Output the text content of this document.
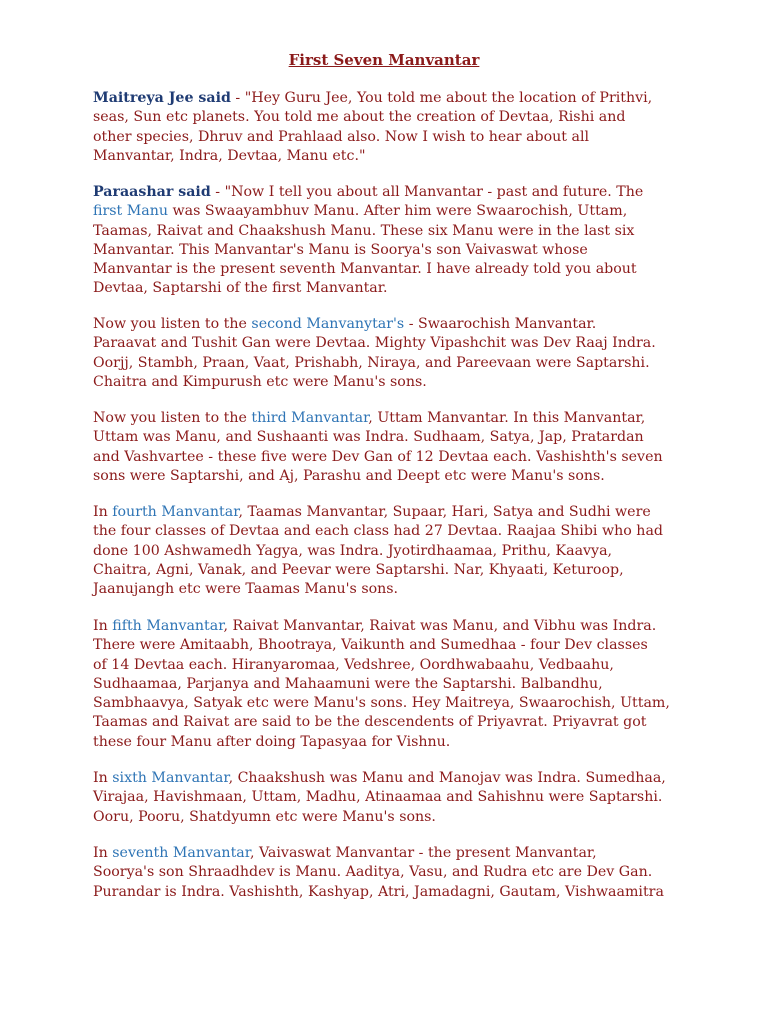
First Seven Manvantar

Maitreya Jee said - "Hey Guru Jee, You told me about the location of Prithvi,
seas, Sun etc planets. You told me about the creation of Devtaa, Rishi and
other species, Dhruv and Prahlaad also. Now I wish to hear about all
Manvantar, Indra, Devtaa, Manu etc."

Paraashar said - "Now I tell you about all Manvantar - past and future. The
first Manu was Swaayambhuv Manu. After him were Swaarochish, Uttam,
Taamas, Raivat and Chaakshush Manu. These six Manu were in the last six
Manvantar. This Manvantar's Manu is Soorya's son Vaivaswat whose
Manvantar is the present seventh Manvantar. I have already told you about
Devtaa, Saptarshi of the first Manvantar.

Now you listen to the second Manvanytar's - Swaarochish Manvantar.
Paraavat and Tushit Gan were Devtaa. Mighty Vipashchit was Dev Raaj Indra.
Oorjj, Stambh, Praan, Vaat, Prishabh, Niraya, and Pareevaan were Saptarshi.
Chaitra and Kimpurush etc were Manu's sons.

Now you listen to the third Manvantar, Uttam Manvantar. In this Manvantar,
Uttam was Manu, and Sushaanti was Indra. Sudhaam, Satya, Jap, Pratardan
and Vashvartee - these five were Dev Gan of 12 Devtaa each. Vashishth's seven
sons were Saptarshi, and Aj, Parashu and Deept etc were Manu's sons.

In fourth Manvantar, Taamas Manvantar, Supaar, Hari, Satya and Sudhi were
the four classes of Devtaa and each class had 27 Devtaa. Raajaa Shibi who had
done 100 Ashwamedh Yagya, was Indra. Jyotirdhaamaa, Prithu, Kaavya,
Chaitra, Agni, Vanak, and Peevar were Saptarshi. Nar, Khyaati, Keturoop,
Jaanujangh etc were Taamas Manu's sons.

In fifth Manvantar, Raivat Manvantar, Raivat was Manu, and Vibhu was Indra.
There were Amitaabh, Bhootraya, Vaikunth and Sumedhaa - four Dev classes
of 14 Devtaa each. Hiranyaromaa, Vedshree, Oordhwabaahu, Vedbaahu,
Sudhaamaa, Parjanya and Mahaamuni were the Saptarshi. Balbandhu,
Sambhaavya, Satyak etc were Manu's sons. Hey Maitreya, Swaarochish, Uttam,
Taamas and Raivat are said to be the descendents of Priyavrat. Priyavrat got
these four Manu after doing Tapasyaa for Vishnu.

In sixth Manvantar, Chaakshush was Manu and Manojav was Indra. Sumedhaa,
Virajaa, Havishmaan, Uttam, Madhu, Atinaamaa and Sahishnu were Saptarshi.
Ooru, Pooru, Shatdyumn etc were Manu's sons.

In seventh Manvantar, Vaivaswat Manvantar - the present Manvantar,
Soorya's son Shraadhdev is Manu. Aaditya, Vasu, and Rudra etc are Dev Gan.
Purandar is Indra. Vashishth, Kashyap, Atri, Jamadagni, Gautam, Vishwaamitra
